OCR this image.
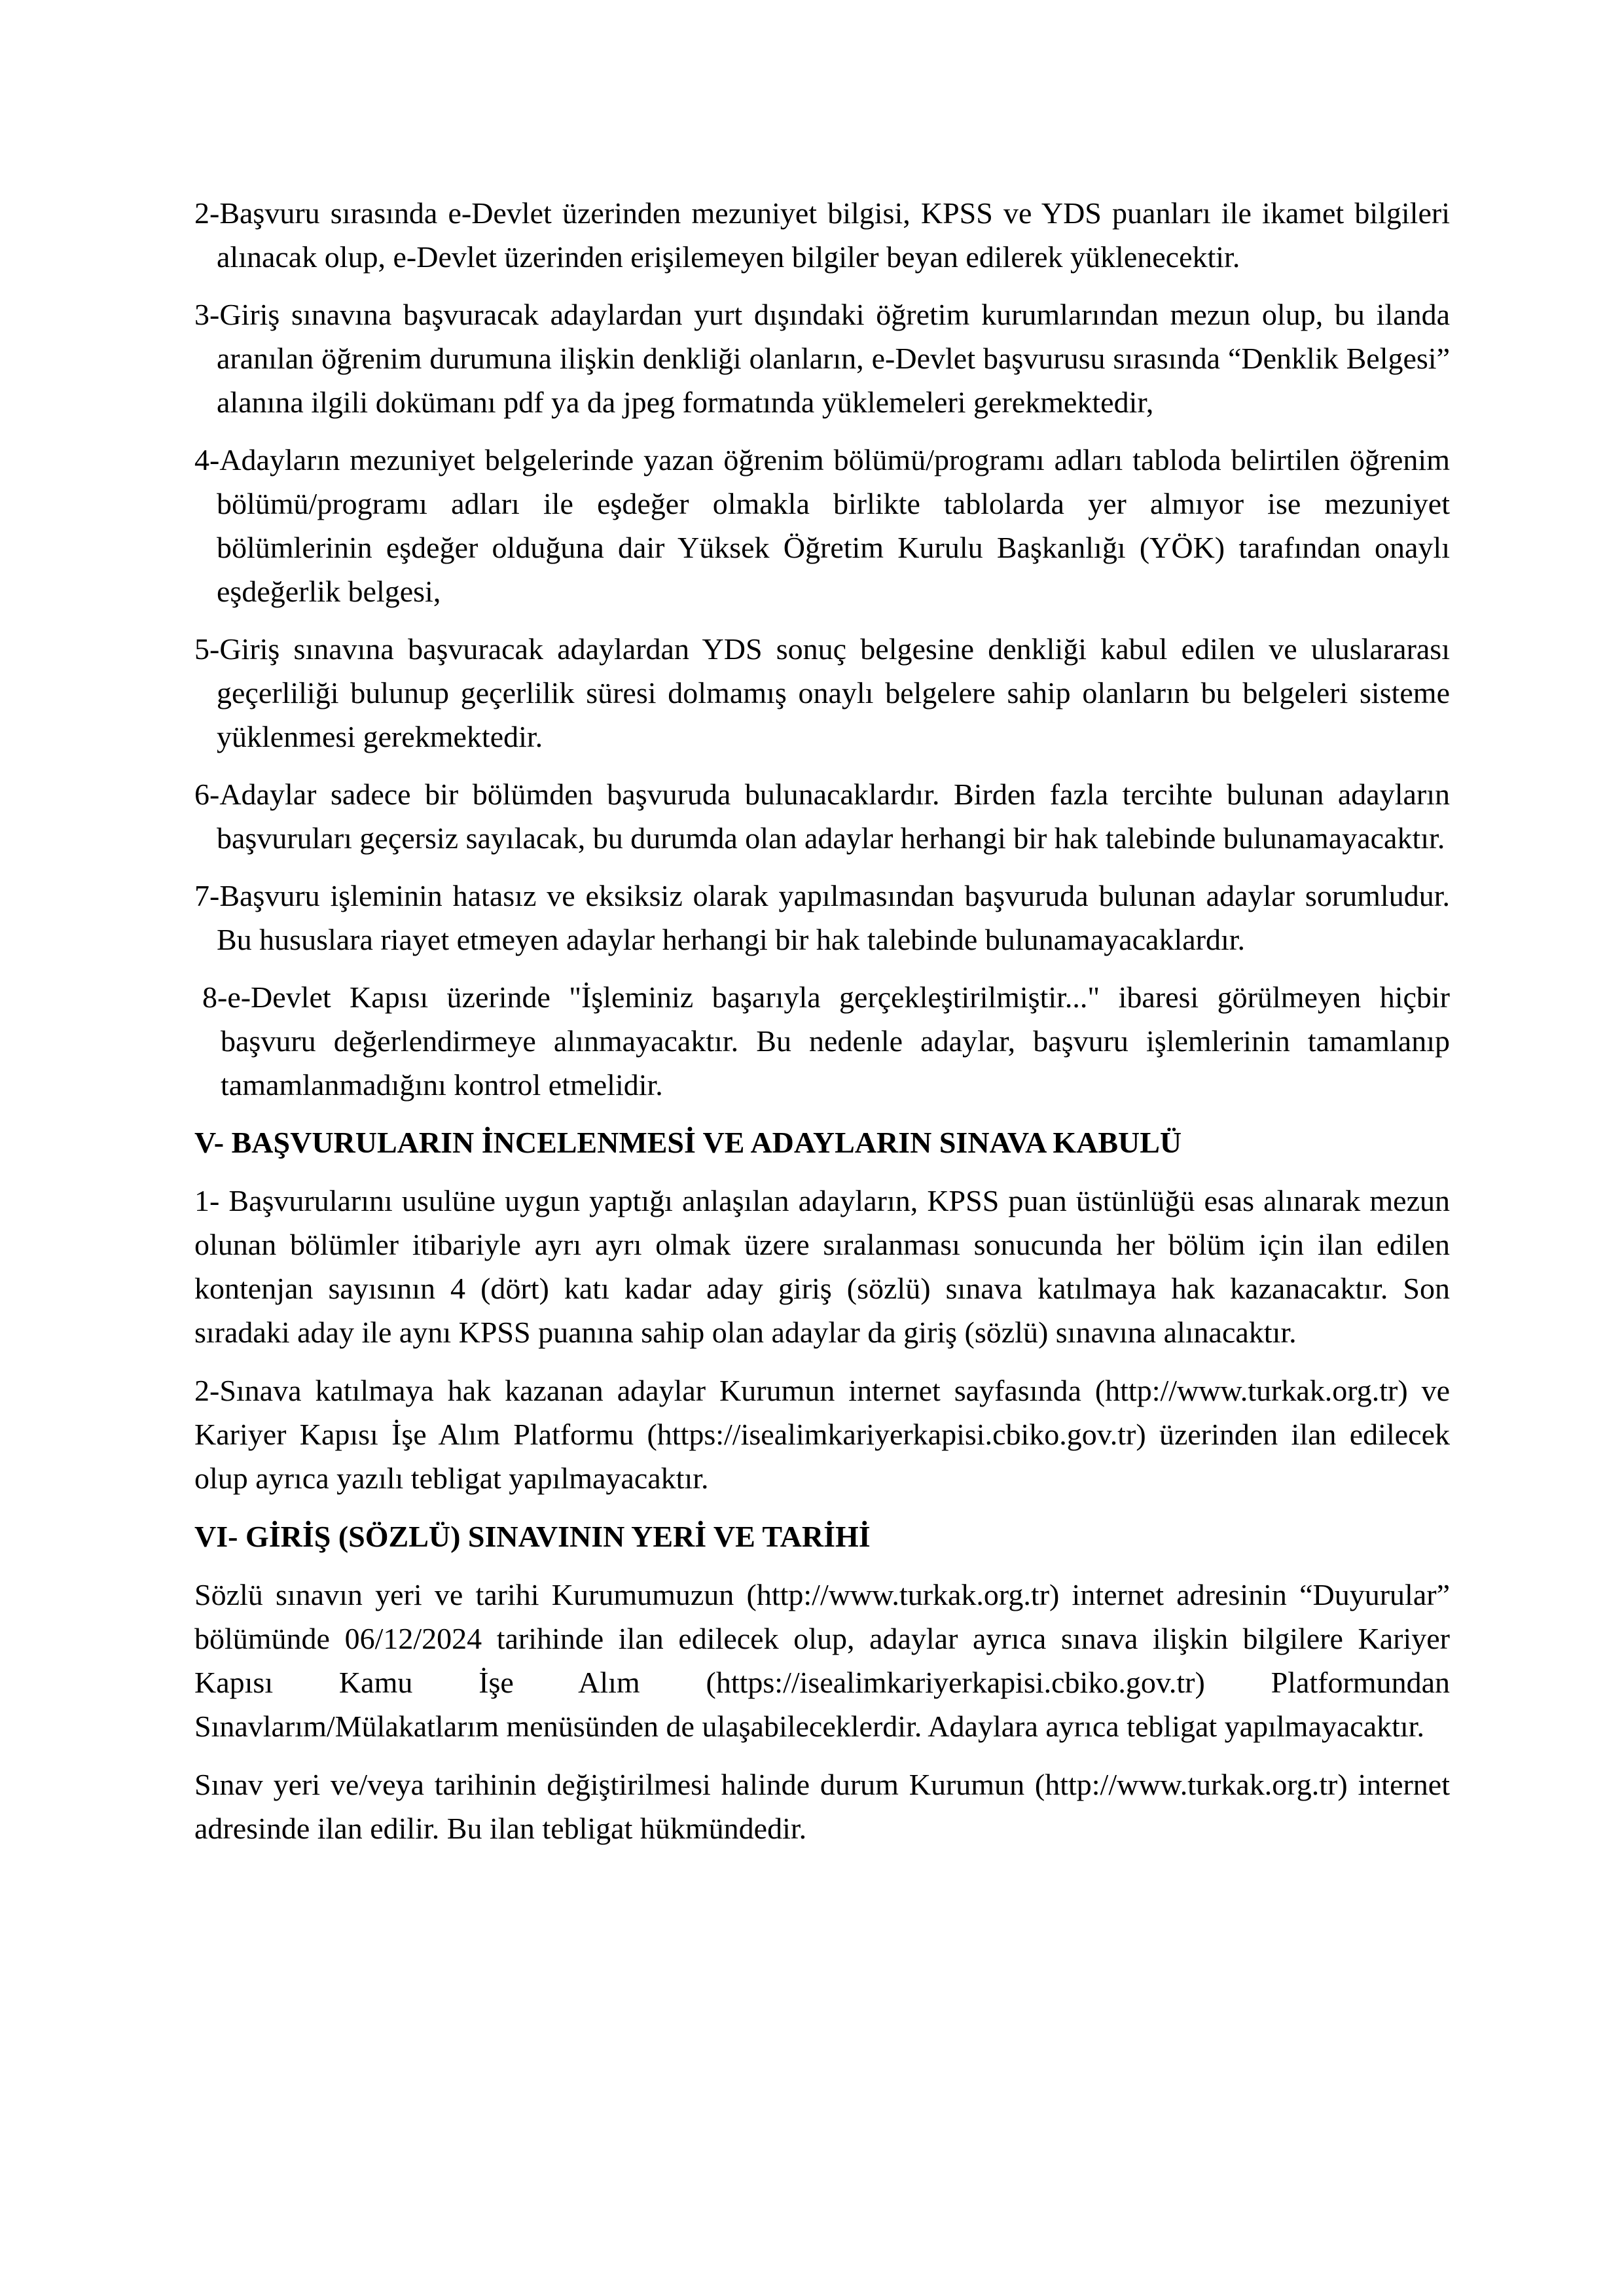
2-Başvuru sırasında e-Devlet üzerinden mezuniyet bilgisi, KPSS ve YDS puanları ile ikamet bilgileri alınacak olup, e-Devlet üzerinden erişilemeyen bilgiler beyan edilerek yüklenecektir.

3-Giriş sınavına başvuracak adaylardan yurt dışındaki öğretim kurumlarından mezun olup, bu ilanda aranılan öğrenim durumuna ilişkin denkliği olanların, e-Devlet başvurusu sırasında “Denklik Belgesi” alanına ilgili dokümanı pdf ya da jpeg formatında yüklemeleri gerekmektedir,

4-Adayların mezuniyet belgelerinde yazan öğrenim bölümü/programı adları tabloda belirtilen öğrenim bölümü/programı adları ile eşdeğer olmakla birlikte tablolarda yer almıyor ise mezuniyet bölümlerinin eşdeğer olduğuna dair Yüksek Öğretim Kurulu Başkanlığı (YÖK) tarafından onaylı eşdeğerlik belgesi,

5-Giriş sınavına başvuracak adaylardan YDS sonuç belgesine denkliği kabul edilen ve uluslararası geçerliliği bulunup geçerlilik süresi dolmamış onaylı belgelere sahip olanların bu belgeleri sisteme yüklenmesi gerekmektedir.

6-Adaylar sadece bir bölümden başvuruda bulunacaklardır. Birden fazla tercihte bulunan adayların başvuruları geçersiz sayılacak, bu durumda olan adaylar herhangi bir hak talebinde bulunamayacaktır.

7-Başvuru işleminin hatasız ve eksiksiz olarak yapılmasından başvuruda bulunan adaylar sorumludur. Bu hususlara riayet etmeyen adaylar herhangi bir hak talebinde bulunamayacaklardır.

8-e-Devlet Kapısı üzerinde "İşleminiz başarıyla gerçekleştirilmiştir..." ibaresi görülmeyen hiçbir başvuru değerlendirmeye alınmayacaktır. Bu nedenle adaylar, başvuru işlemlerinin tamamlanıp tamamlanmadığını kontrol etmelidir.

V- BAŞVURULARIN İNCELENMESİ VE ADAYLARIN SINAVA KABULÜ

1- Başvurularını usulüne uygun yaptığı anlaşılan adayların, KPSS puan üstünlüğü esas alınarak mezun olunan bölümler itibariyle ayrı ayrı olmak üzere sıralanması sonucunda her bölüm için ilan edilen kontenjan sayısının 4 (dört) katı kadar aday giriş (sözlü) sınava katılmaya hak kazanacaktır. Son sıradaki aday ile aynı KPSS puanına sahip olan adaylar da giriş (sözlü) sınavına alınacaktır.

2-Sınava katılmaya hak kazanan adaylar Kurumun internet sayfasında (http://www.turkak.org.tr) ve Kariyer Kapısı İşe Alım Platformu (https://isealimkariyerkapisi.cbiko.gov.tr) üzerinden ilan edilecek olup ayrıca yazılı tebligat yapılmayacaktır.

VI- GİRİŞ (SÖZLÜ) SINAVININ YERİ VE TARİHİ

Sözlü sınavın yeri ve tarihi Kurumumuzun (http://www.turkak.org.tr) internet adresinin “Duyurular” bölümünde 06/12/2024 tarihinde ilan edilecek olup, adaylar ayrıca sınava ilişkin bilgilere Kariyer Kapısı Kamu İşe Alım (https://isealimkariyerkapisi.cbiko.gov.tr) Platformundan Sınavlarım/Mülakatlarım menüsünden de ulaşabileceklerdir. Adaylara ayrıca tebligat yapılmayacaktır.

Sınav yeri ve/veya tarihinin değiştirilmesi halinde durum Kurumun (http://www.turkak.org.tr) internet adresinde ilan edilir. Bu ilan tebligat hükmündedir.
